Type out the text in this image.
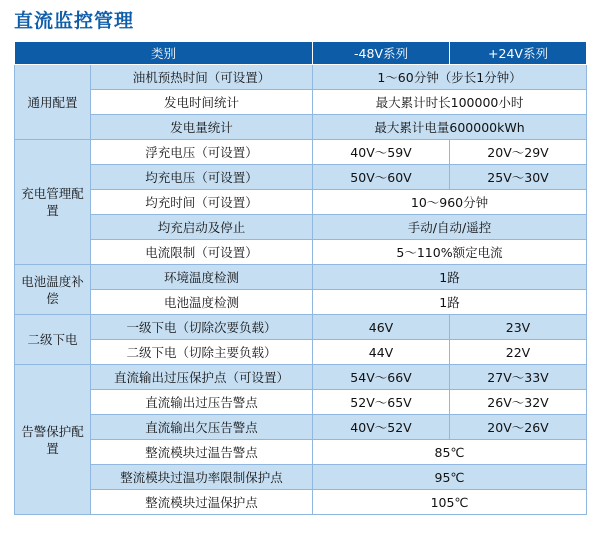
直流监控管理
类别		-48V系列	+24V系列
通用配置	油机预热时间（可设置）	1～60分钟（步长1分钟）	
	发电时间统计	最大累计时长100000小时	
	发电量统计	最大累计电量600000kWh	
充电管理配置	浮充电压（可设置）	40V～59V	20V～29V
	均充电压（可设置）	50V～60V	25V～30V
	均充时间（可设置）	10～960分钟	
	均充启动及停止	手动/自动/遥控	
	电流限制（可设置）	5～110%额定电流	
电池温度补偿	环境温度检测	1路	
	电池温度检测	1路	
二级下电	一级下电（切除次要负载）	46V	23V
	二级下电（切除主要负载）	44V	22V
告警保护配置	直流输出过压保护点（可设置）	54V～66V	27V～33V
	直流输出过压告警点	52V～65V	26V～32V
	直流输出欠压告警点	40V～52V	20V～26V
	整流模块过温告警点	85℃	
	整流模块过温功率限制保护点	95℃	
	整流模块过温保护点	105℃	
